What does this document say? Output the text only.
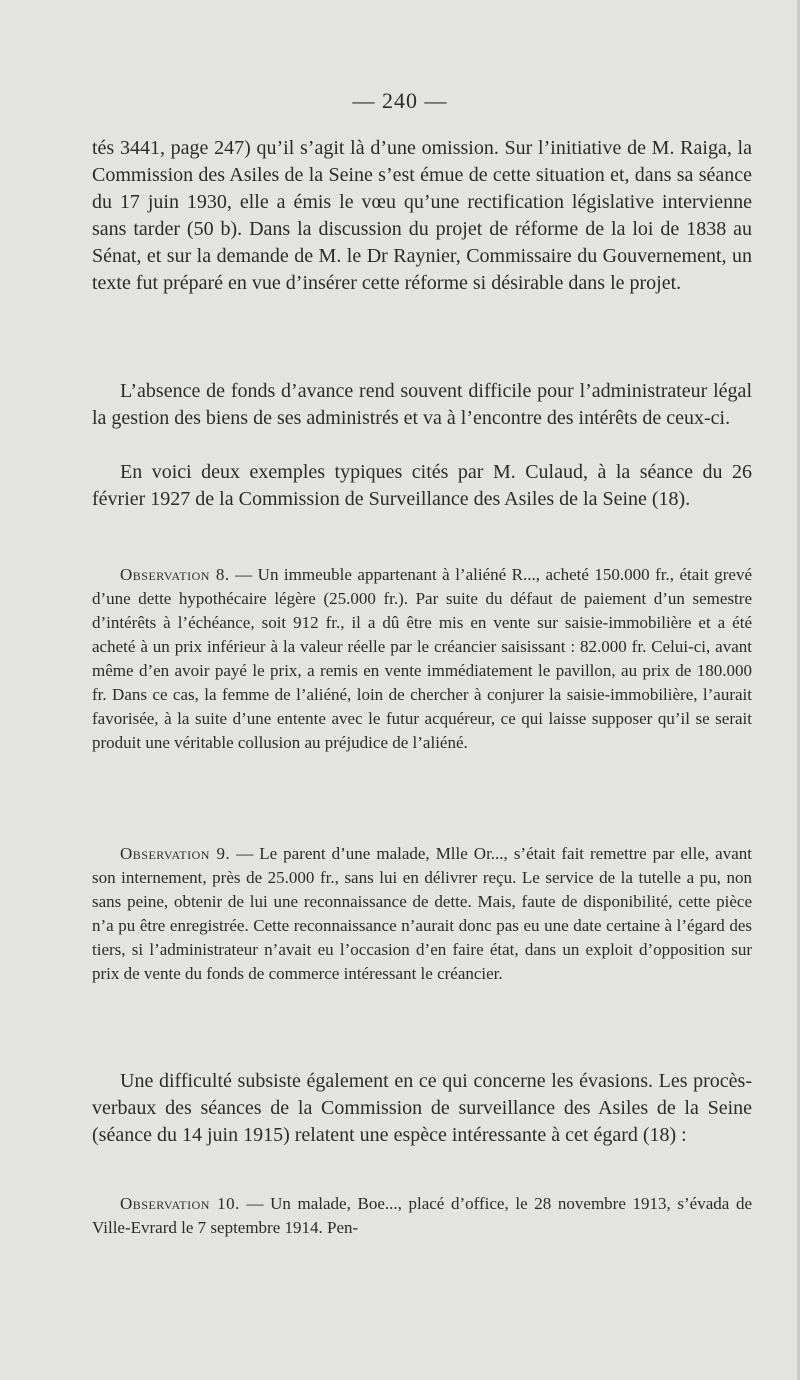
— 240 —

tés 3441, page 247) qu’il s’agit là d’une omission. Sur l’initiative de M. Raiga, la Commission des Asiles de la Seine s’est émue de cette situation et, dans sa séance du 17 juin 1930, elle a émis le vœu qu’une rectification législative intervienne sans tarder (50 b). Dans la discussion du projet de réforme de la loi de 1838 au Sénat, et sur la demande de M. le Dr Raynier, Commissaire du Gouvernement, un texte fut préparé en vue d’insérer cette réforme si désirable dans le projet.

L’absence de fonds d’avance rend souvent difficile pour l’administrateur légal la gestion des biens de ses administrés et va à l’encontre des intérêts de ceux-ci.

En voici deux exemples typiques cités par M. Culaud, à la séance du 26 février 1927 de la Commission de Surveillance des Asiles de la Seine (18).

Observation 8. — Un immeuble appartenant à l’aliéné R..., acheté 150.000 fr., était grevé d’une dette hypothécaire légère (25.000 fr.). Par suite du défaut de paiement d’un semestre d’intérêts à l’échéance, soit 912 fr., il a dû être mis en vente sur saisie-immobilière et a été acheté à un prix inférieur à la valeur réelle par le créancier saisissant : 82.000 fr. Celui-ci, avant même d’en avoir payé le prix, a remis en vente immédiatement le pavillon, au prix de 180.000 fr. Dans ce cas, la femme de l’aliéné, loin de chercher à conjurer la saisie-immobilière, l’aurait favorisée, à la suite d’une entente avec le futur acquéreur, ce qui laisse supposer qu’il se serait produit une véritable collusion au préjudice de l’aliéné.

Observation 9. — Le parent d’une malade, Mlle Or..., s’était fait remettre par elle, avant son internement, près de 25.000 fr., sans lui en délivrer reçu. Le service de la tutelle a pu, non sans peine, obtenir de lui une reconnaissance de dette. Mais, faute de disponibilité, cette pièce n’a pu être enregistrée. Cette reconnaissance n’aurait donc pas eu une date certaine à l’égard des tiers, si l’administrateur n’avait eu l’occasion d’en faire état, dans un exploit d’opposition sur prix de vente du fonds de commerce intéressant le créancier.

Une difficulté subsiste également en ce qui concerne les évasions. Les procès-verbaux des séances de la Commission de surveillance des Asiles de la Seine (séance du 14 juin 1915) relatent une espèce intéressante à cet égard (18) :

Observation 10. — Un malade, Boe..., placé d’office, le 28 novembre 1913, s’évada de Ville-Evrard le 7 septembre 1914. Pen-
